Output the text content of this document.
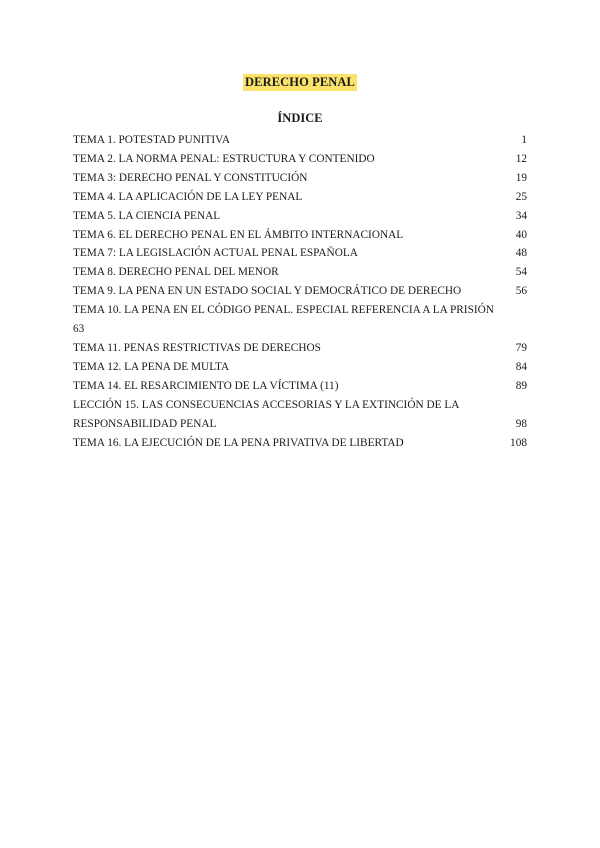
DERECHO PENAL
ÍNDICE
TEMA 1. POTESTAD PUNITIVA	1
TEMA 2. LA NORMA PENAL: ESTRUCTURA Y CONTENIDO	12
TEMA 3: DERECHO PENAL Y CONSTITUCIÓN	19
TEMA 4. LA APLICACIÓN DE LA LEY PENAL	25
TEMA 5. LA CIENCIA PENAL	34
TEMA 6. EL DERECHO PENAL EN EL ÁMBITO INTERNACIONAL	40
TEMA 7: LA LEGISLACIÓN ACTUAL PENAL ESPAÑOLA	48
TEMA 8. DERECHO PENAL DEL MENOR	54
TEMA 9. LA PENA EN UN ESTADO SOCIAL Y DEMOCRÁTICO DE DERECHO	56
TEMA 10. LA PENA EN EL CÓDIGO PENAL. ESPECIAL REFERENCIA A LA PRISIÓN
63
TEMA 11. PENAS RESTRICTIVAS DE DERECHOS	79
TEMA 12. LA PENA DE MULTA	84
TEMA 14. EL RESARCIMIENTO DE LA VÍCTIMA (11)	89
LECCIÓN 15. LAS CONSECUENCIAS ACCESORIAS Y LA EXTINCIÓN DE LA RESPONSABILIDAD PENAL	98
TEMA 16. LA EJECUCIÓN DE LA PENA PRIVATIVA DE LIBERTAD	108
